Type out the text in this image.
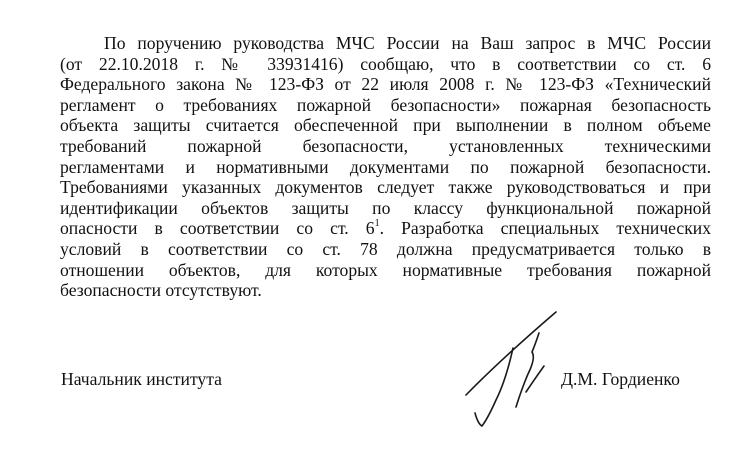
По поручению руководства МЧС России на Ваш запрос в МЧС России
(от 22.10.2018 г. № 33931416) сообщаю, что в соответствии со ст. 6
Федерального закона № 123-ФЗ от 22 июля 2008 г. № 123-ФЗ «Технический
регламент о требованиях пожарной безопасности» пожарная безопасность
объекта защиты считается обеспеченной при выполнении в полном объеме
требований пожарной безопасности, установленных техническими
регламентами и нормативными документами по пожарной безопасности.
Требованиями указанных документов следует также руководствоваться и при
идентификации объектов защиты по классу функциональной пожарной
опасности в соответствии со ст. $6^1$. Разработка специальных технических
условий в соответствии со ст. 78 должна предусматривается только в
отношении объектов, для которых нормативные требования пожарной
безопасности отсутствуют.
Начальник института	Д.М. Гордиенко
